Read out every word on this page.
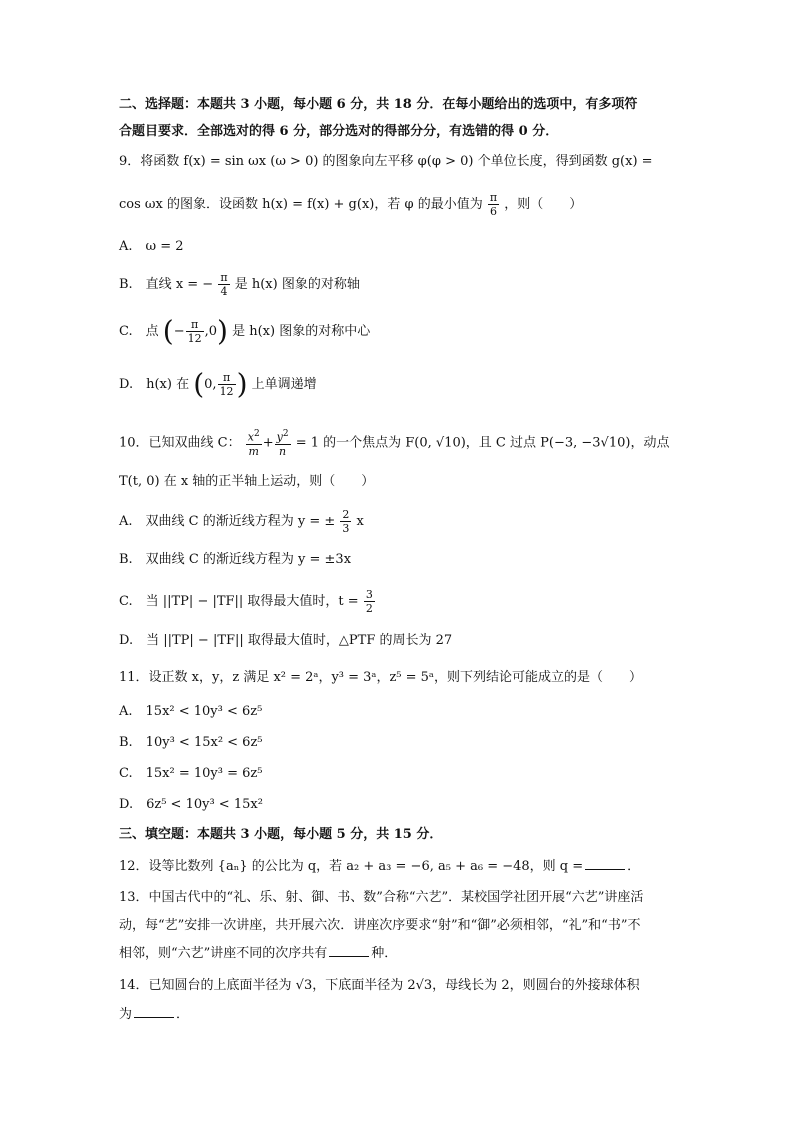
二、选择题：本题共 3 小题，每小题 6 分，共 18 分．在每小题给出的选项中，有多项符
合题目要求．全部选对的得 6 分，部分选对的得部分分，有选错的得 0 分．
9．将函数 f(x) = sin ωx (ω > 0) 的图象向左平移 φ(φ > 0) 个单位长度，得到函数 g(x) =
cos ωx 的图象．设函数 h(x) = f(x) + g(x)，若 φ 的最小值为 $\frac{\pi}{6}$ ，则（　　）
A.　ω = 2
B.　直线 x = − $\frac{\pi}{4}$ 是 h(x) 图象的对称轴
C.　点 (− $\frac{\pi}{12} ,0$) 是 h(x) 图象的对称中心
D.　h(x) 在 (0, $\frac{\pi}{12}$ ) 上单调递增
10．已知双曲线 C： $\frac{x^2}{m} + \frac{y^2}{n} = 1$ 的一个焦点为 F(0, √10)，且 C 过点 P(−3, −3√10)，动点
T(t, 0) 在 x 轴的正半轴上运动，则（　　）
A.　双曲线 C 的渐近线方程为 y = ± $\frac{2}{3}$ x
B.　双曲线 C 的渐近线方程为 y = ±3x
C.　当 ||TP| − |TF|| 取得最大值时，$t = \frac{3}{2}$
D.　当 ||TP| − |TF|| 取得最大值时，△PTF 的周长为 27
11．设正数 x，y，z 满足 x² = 2ᵃ，y³ = 3ᵃ，z⁵ = 5ᵃ，则下列结论可能成立的是（　　）
A.　15x² < 10y³ < 6z⁵
B.　10y³ < 15x² < 6z⁵
C.　15x² = 10y³ = 6z⁵
D.　6z⁵ < 10y³ < 15x²
三、填空题：本题共 3 小题，每小题 5 分，共 15 分．
12．设等比数列 {aₙ} 的公比为 q，若 a₂ + a₃ = −6, a₅ + a₆ = −48，则 q =	．
13．中国古代中的“礼、乐、射、御、书、数”合称“六艺”．某校国学社团开展“六艺”讲座活
动，每“艺”安排一次讲座，共开展六次．讲座次序要求“射”和“御”必须相邻，“礼”和“书”不
相邻，则“六艺”讲座不同的次序共有	种．
14．已知圆台的上底面半径为 √3，下底面半径为 2√3，母线长为 2，则圆台的外接球体积
为	．
